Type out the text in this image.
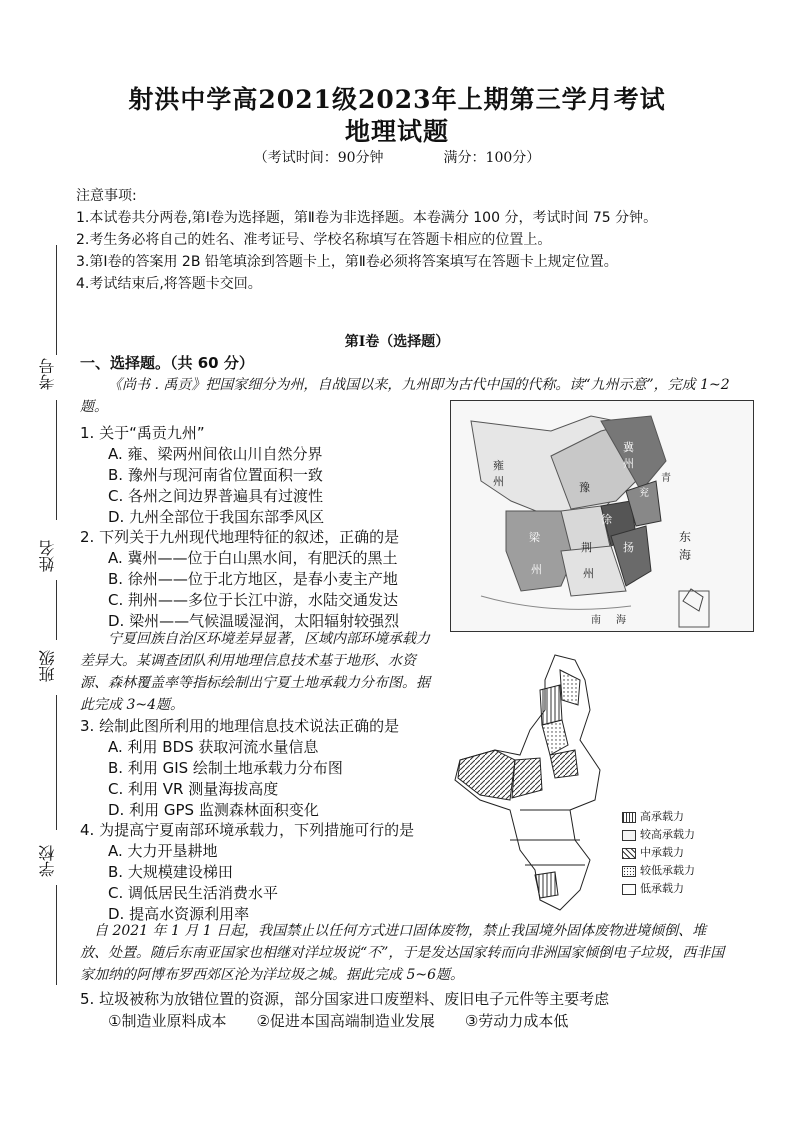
射洪中学高2021级2023年上期第三学月考试
地理试题
（考试时间：90分钟	满分：100分）
注意事项:
1.本试卷共分两卷,第Ⅰ卷为选择题，第Ⅱ卷为非选择题。本卷满分 100 分，考试时间 75 分钟。
2.考生务必将自己的姓名、准考证号、学校名称填写在答题卡相应的位置上。
3.第Ⅰ卷的答案用 2B 铅笔填涂到答题卡上，第Ⅱ卷必须将答案填写在答题卡上规定位置。
4.考试结束后,将答题卡交回。
考号
姓名
班级
学校
第Ⅰ卷（选择题）
一、选择题。（共 60 分）
《尚书 . 禹贡》把国家细分为州，自战国以来，九州即为古代中国的代称。读“九州示意”，完成 1~2题。
1. 关于“禹贡九州”
A. 雍、梁两州间依山川自然分界
B. 豫州与现河南省位置面积一致
C. 各州之间边界普遍具有过渡性
D. 九州全部位于我国东部季风区
2. 下列关于九州现代地理特征的叙述，正确的是
A. 冀州——位于白山黑水间，有肥沃的黑土
B. 徐州——位于北方地区，是春小麦主产地
C. 荆州——多位于长江中游，水陆交通发达
D. 梁州——气候温暖湿润，太阳辐射较强烈
雍
州
冀
州
兖
青
徐
豫
梁
州
荆
州
扬
东
海
南 海
宁夏回族自治区环境差异显著，区域内部环境承载力差异大。某调查团队利用地理信息技术基于地形、水资源、森林覆盖率等指标绘制出宁夏土地承载力分布图。据此完成 3~4题。
3. 绘制此图所利用的地理信息技术说法正确的是
A. 利用 BDS 获取河流水量信息
B. 利用 GIS 绘制土地承载力分布图
C. 利用 VR 测量海拔高度
D. 利用 GPS 监测森林面积变化
4. 为提高宁夏南部环境承载力，下列措施可行的是
A. 大力开垦耕地
B. 大规模建设梯田
C. 调低居民生活消费水平
D. 提高水资源利用率
高承载力
较高承载力
中承载力
较低承载力
低承载力
自 2021 年 1 月 1 日起，我国禁止以任何方式进口固体废物，禁止我国境外固体废物进境倾倒、堆放、处置。随后东南亚国家也相继对洋垃圾说“不”，于是发达国家转而向非洲国家倾倒电子垃圾，西非国家加纳的阿博布罗西郊区沦为洋垃圾之城。据此完成 5~6题。
5. 垃圾被称为放错位置的资源，部分国家进口废塑料、废旧电子元件等主要考虑
①制造业原料成本 ②促进本国高端制造业发展 ③劳动力成本低
